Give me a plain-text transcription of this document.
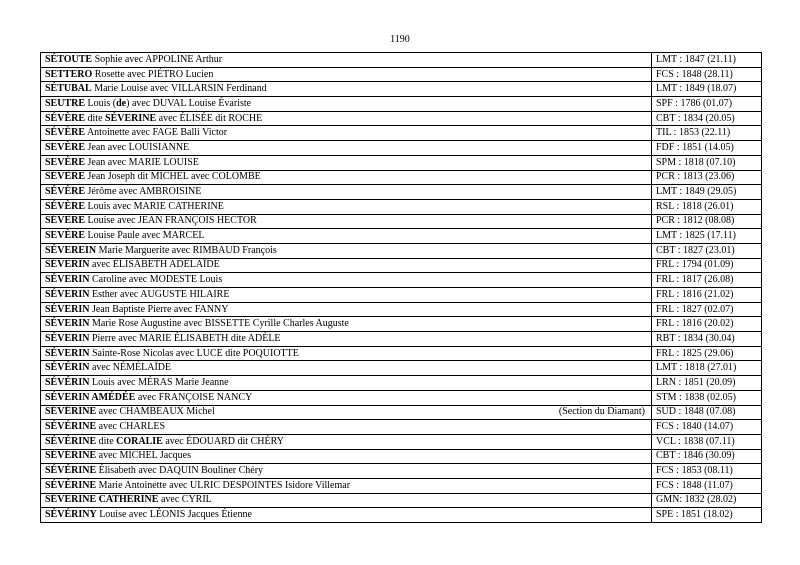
1190
SÉTOUTE Sophie avec APPOLINE Arthur	LMT : 1847 (21.11)
SETTERO Rosette avec PIÉTRO Lucien	FCS : 1848 (28.11)
SÉTUBAL Marie Louise avec VILLARSIN Ferdinand	LMT : 1849 (18.07)
SEUTRE Louis (de) avec DUVAL Louise Évariste	SPF : 1786 (01.07)
SÉVÈRE dite SÉVERINE avec ÉLISÉE dit ROCHE	CBT : 1834 (20.05)
SÉVÈRE Antoinette avec FAGE Balli Victor	TIL : 1853 (22.11)
SEVÈRE Jean avec LOUISIANNE	FDF : 1851 (14.05)
SEVÈRE Jean avec MARIE LOUISE	SPM : 1818 (07.10)
SÉVÈRE Jean Joseph dit MICHEL avec COLOMBE	PCR : 1813 (23.06)
SÉVÈRE Jérôme avec AMBROISINE	LMT : 1849 (29.05)
SÉVÈRE Louis avec MARIE CATHERINE	RSL : 1818 (26.01)
SÉVÈRE Louise avec JEAN FRANÇOIS HECTOR	PCR : 1812 (08.08)
SEVÈRE Louise Paule avec MARCEL	LMT : 1825 (17.11)
SÉVEREIN Marie Marguerite avec RIMBAUD François	CBT : 1827 (23.01)
SÉVERIN avec ÉLISABETH ADÉLAÏDE	FRL : 1794 (01.09)
SÉVERIN Caroline avec MODESTE Louis	FRL : 1817 (26.08)
SÉVERIN Esther avec AUGUSTE HILAIRE	FRL : 1816 (21.02)
SÉVERIN Jean Baptiste Pierre avec FANNY	FRL : 1827 (02.07)
SÉVERIN Marie Rose Augustine avec BISSETTE Cyrille Charles Auguste	FRL : 1816 (20.02)
SÉVERIN Pierre avec MARIE ÉLISABETH dite ADÈLE	RBT : 1834 (30.04)
SÉVERIN Sainte-Rose Nicolas avec LUCE dite POQUIOTTE	FRL : 1825 (29.06)
SÉVÉRIN avec NÉMÉLAÏDE	LMT : 1818 (27.01)
SÉVÉRIN Louis avec MÉRAS Marie Jeanne	LRN : 1851 (20.09)
SÉVERIN AMÉDÉE avec FRANÇOISE NANCY	STM : 1838 (02.05)

(Section du Diamant)
SÉVÉRINE avec CHAMBEAUX Michel	SUD : 1848 (07.08)
SÉVÉRINE avec CHARLES	FCS : 1840 (14.07)
SÉVÉRINE dite CORALIE avec ÉDOUARD dit CHÉRY	VCL : 1838 (07.11)
SÉVÉRINE avec MICHEL Jacques	CBT : 1846 (30.09)
SÉVÉRINE Élisabeth avec DAQUIN Bouliner Chéry	FCS : 1853 (08.11)
SÉVÉRINE Marie Antoinette avec ULRIC DESPOINTES Isidore Villemar	FCS : 1848 (11.07)
SÉVERINE CATHERINE avec CYRIL	GMN: 1832 (28.02)
SÉVÉRINY Louise avec LÉONIS Jacques Étienne	SPE : 1851 (18.02)
